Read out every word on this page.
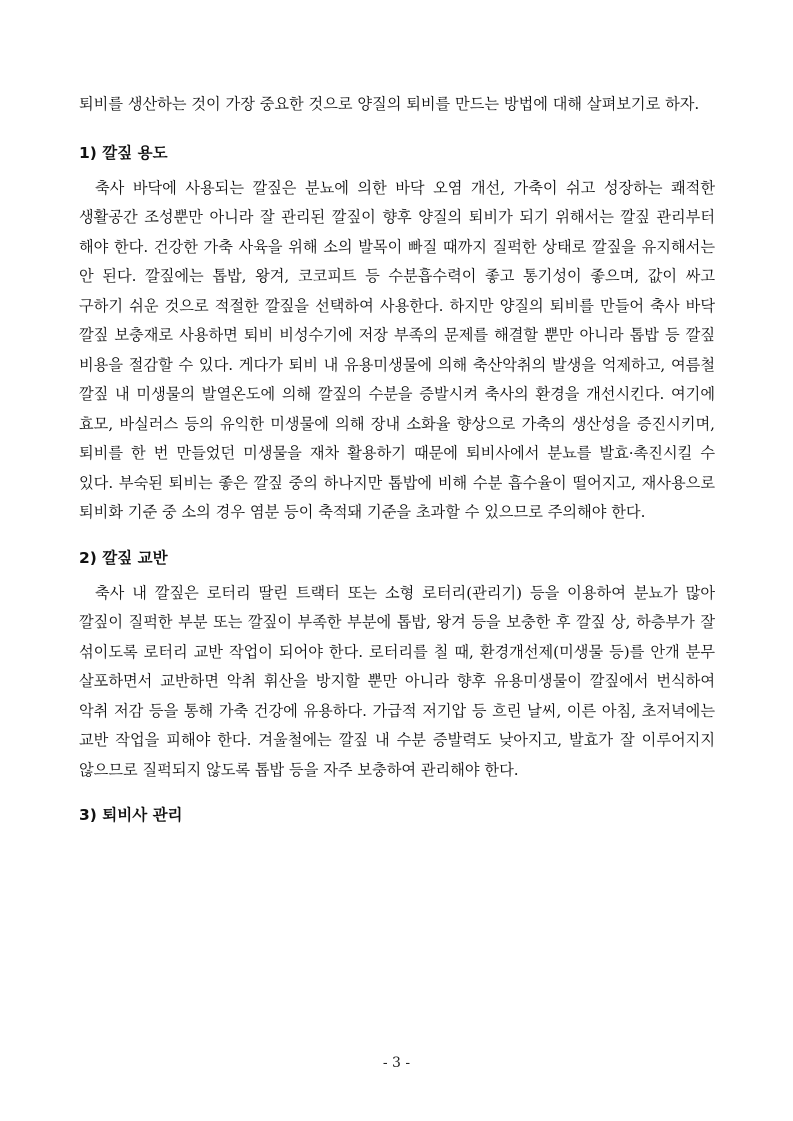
퇴비를 생산하는 것이 가장 중요한 것으로 양질의 퇴비를 만드는 방법에 대해 살펴보기로 하자.

1) 깔짚 용도

축사 바닥에 사용되는 깔짚은 분뇨에 의한 바닥 오염 개선, 가축이 쉬고 성장하는 쾌적한 생활공간 조성뿐만 아니라 잘 관리된 깔짚이 향후 양질의 퇴비가 되기 위해서는 깔짚 관리부터 해야 한다. 건강한 가축 사육을 위해 소의 발목이 빠질 때까지 질퍽한 상태로 깔짚을 유지해서는 안 된다. 깔짚에는 톱밥, 왕겨, 코코피트 등 수분흡수력이 좋고 통기성이 좋으며, 값이 싸고 구하기 쉬운 것으로 적절한 깔짚을 선택하여 사용한다. 하지만 양질의 퇴비를 만들어 축사 바닥 깔짚 보충재로 사용하면 퇴비 비성수기에 저장 부족의 문제를 해결할 뿐만 아니라 톱밥 등 깔짚 비용을 절감할 수 있다. 게다가 퇴비 내 유용미생물에 의해 축산악취의 발생을 억제하고, 여름철 깔짚 내 미생물의 발열온도에 의해 깔짚의 수분을 증발시켜 축사의 환경을 개선시킨다. 여기에 효모, 바실러스 등의 유익한 미생물에 의해 장내 소화율 향상으로 가축의 생산성을 증진시키며, 퇴비를 한 번 만들었던 미생물을 재차 활용하기 때문에 퇴비사에서 분뇨를 발효·촉진시킬 수 있다. 부숙된 퇴비는 좋은 깔짚 중의 하나지만 톱밥에 비해 수분 흡수율이 떨어지고, 재사용으로 퇴비화 기준 중 소의 경우 염분 등이 축적돼 기준을 초과할 수 있으므로 주의해야 한다.

2) 깔짚 교반

축사 내 깔짚은 로터리 딸린 트랙터 또는 소형 로터리(관리기) 등을 이용하여 분뇨가 많아 깔짚이 질퍽한 부분 또는 깔짚이 부족한 부분에 톱밥, 왕겨 등을 보충한 후 깔짚 상, 하층부가 잘 섞이도록 로터리 교반 작업이 되어야 한다. 로터리를 칠 때, 환경개선제(미생물 등)를 안개 분무 살포하면서 교반하면 악취 휘산을 방지할 뿐만 아니라 향후 유용미생물이 깔짚에서 번식하여 악취 저감 등을 통해 가축 건강에 유용하다. 가급적 저기압 등 흐린 날씨, 이른 아침, 초저녁에는 교반 작업을 피해야 한다. 겨울철에는 깔짚 내 수분 증발력도 낮아지고, 발효가 잘 이루어지지 않으므로 질퍽되지 않도록 톱밥 등을 자주 보충하여 관리해야 한다.

3) 퇴비사 관리
- 3 -
